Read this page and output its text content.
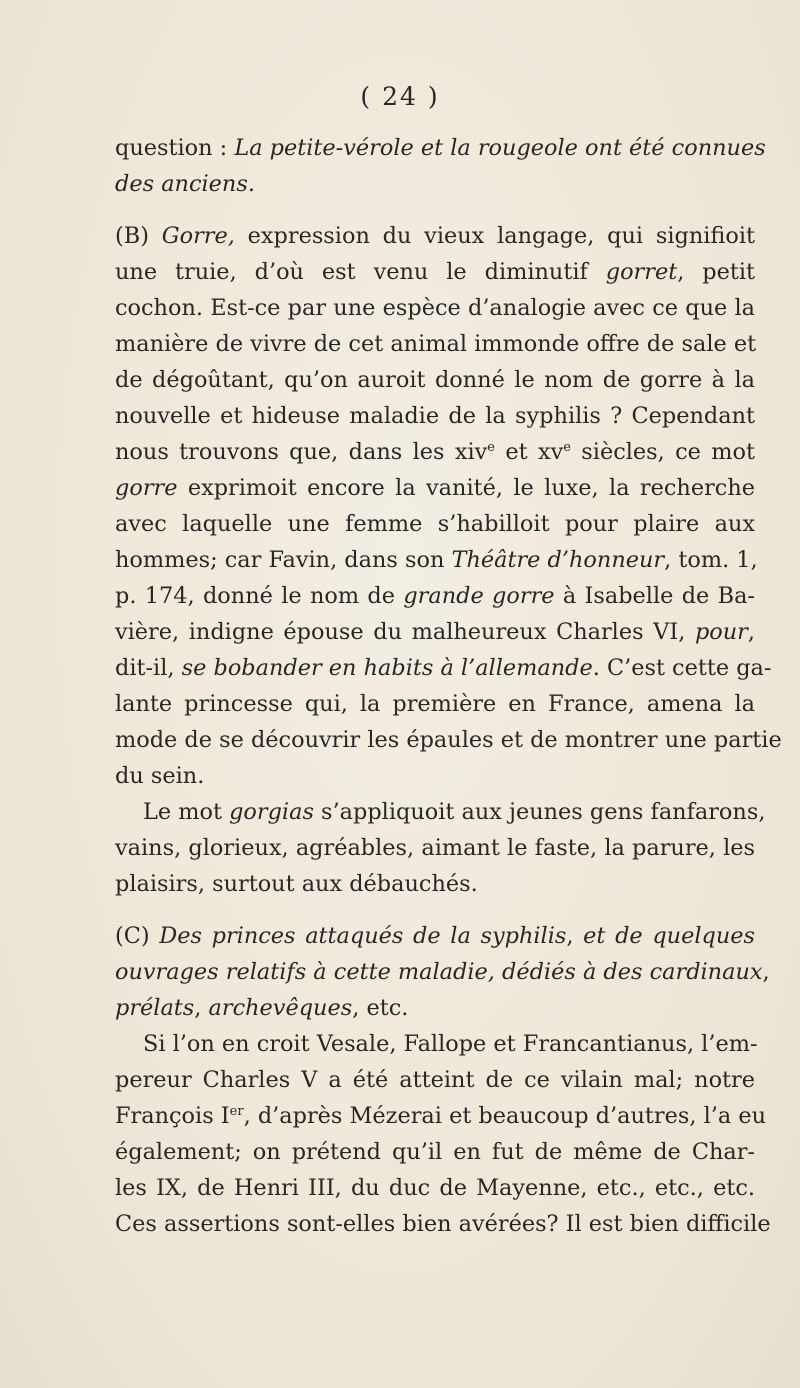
( 24 )
question : La petite-vérole et la rougeole ont été connues
des anciens.
(B) Gorre, expression du vieux langage, qui signifioit
une truie, d’où est venu le diminutif gorret, petit
cochon. Est-ce par une espèce d’analogie avec ce que la
manière de vivre de cet animal immonde offre de sale et
de dégoûtant, qu’on auroit donné le nom de gorre à la
nouvelle et hideuse maladie de la syphilis ? Cependant
nous trouvons que, dans les xiv$^e$ et $xv^e$ siècles, ce mot
gorre exprimoit encore la vanité, le luxe, la recherche
avec laquelle une femme s’habilloit pour plaire aux
hommes; car Favin, dans son Théâtre d’honneur, tom. 1,
p. 174, donné le nom de grande gorre à Isabelle de Ba-
vière, indigne épouse du malheureux Charles VI, pour,
dit-il, se bobander en habits à l’allemande. C’est cette ga-
lante princesse qui, la première en France, amena la
mode de se découvrir les épaules et de montrer une partie
du sein.
Le mot gorgias s’appliquoit aux jeunes gens fanfarons,
vains, glorieux, agréables, aimant le faste, la parure, les
plaisirs, surtout aux débauchés.
(C) Des princes attaqués de la syphilis, et de quelques
ouvrages relatifs à cette maladie, dédiés à des cardinaux,
prélats, archevêques, etc.
Si l’on en croit Vesale, Fallope et Francantianus, l’em-
pereur Charles V a été atteint de ce vilain mal; notre
François Ier, d’après Mézerai et beaucoup d’autres, l’a eu
également; on prétend qu’il en fut de même de Char-
les IX, de Henri III, du duc de Mayenne, etc., etc., etc.
Ces assertions sont-elles bien avérées? Il est bien difficile
